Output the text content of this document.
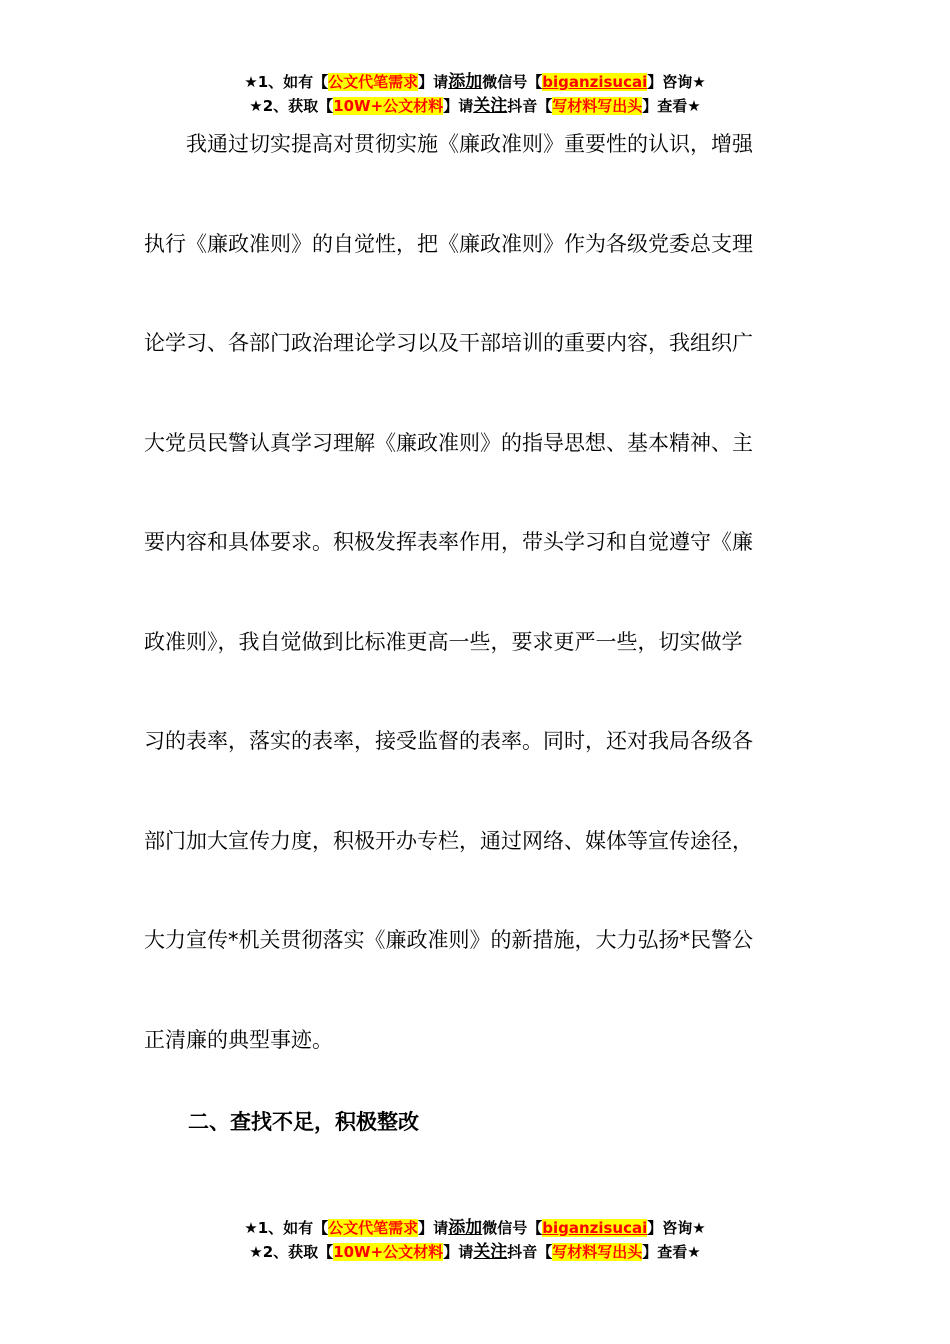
★1、如有【公文代笔需求】请添加微信号【biganzisucai】咨询★
★2、获取【10W+公文材料】请关注抖音【写材料写出头】查看★
　　我通过切实提高对贯彻实施《廉政准则》重要性的认识，增强
执行《廉政准则》的自觉性，把《廉政准则》作为各级党委总支理
论学习、各部门政治理论学习以及干部培训的重要内容，我组织广
大党员民警认真学习理解《廉政准则》的指导思想、基本精神、主
要内容和具体要求。积极发挥表率作用，带头学习和自觉遵守《廉
政准则》，我自觉做到比标准更高一些，要求更严一些，切实做学
习的表率，落实的表率，接受监督的表率。同时，还对我局各级各
部门加大宣传力度，积极开办专栏，通过网络、媒体等宣传途径，
大力宣传*机关贯彻落实《廉政准则》的新措施，大力弘扬*民警公
正清廉的典型事迹。
二、查找不足，积极整改
★1、如有【公文代笔需求】请添加微信号【biganzisucai】咨询★
★2、获取【10W+公文材料】请关注抖音【写材料写出头】查看★
